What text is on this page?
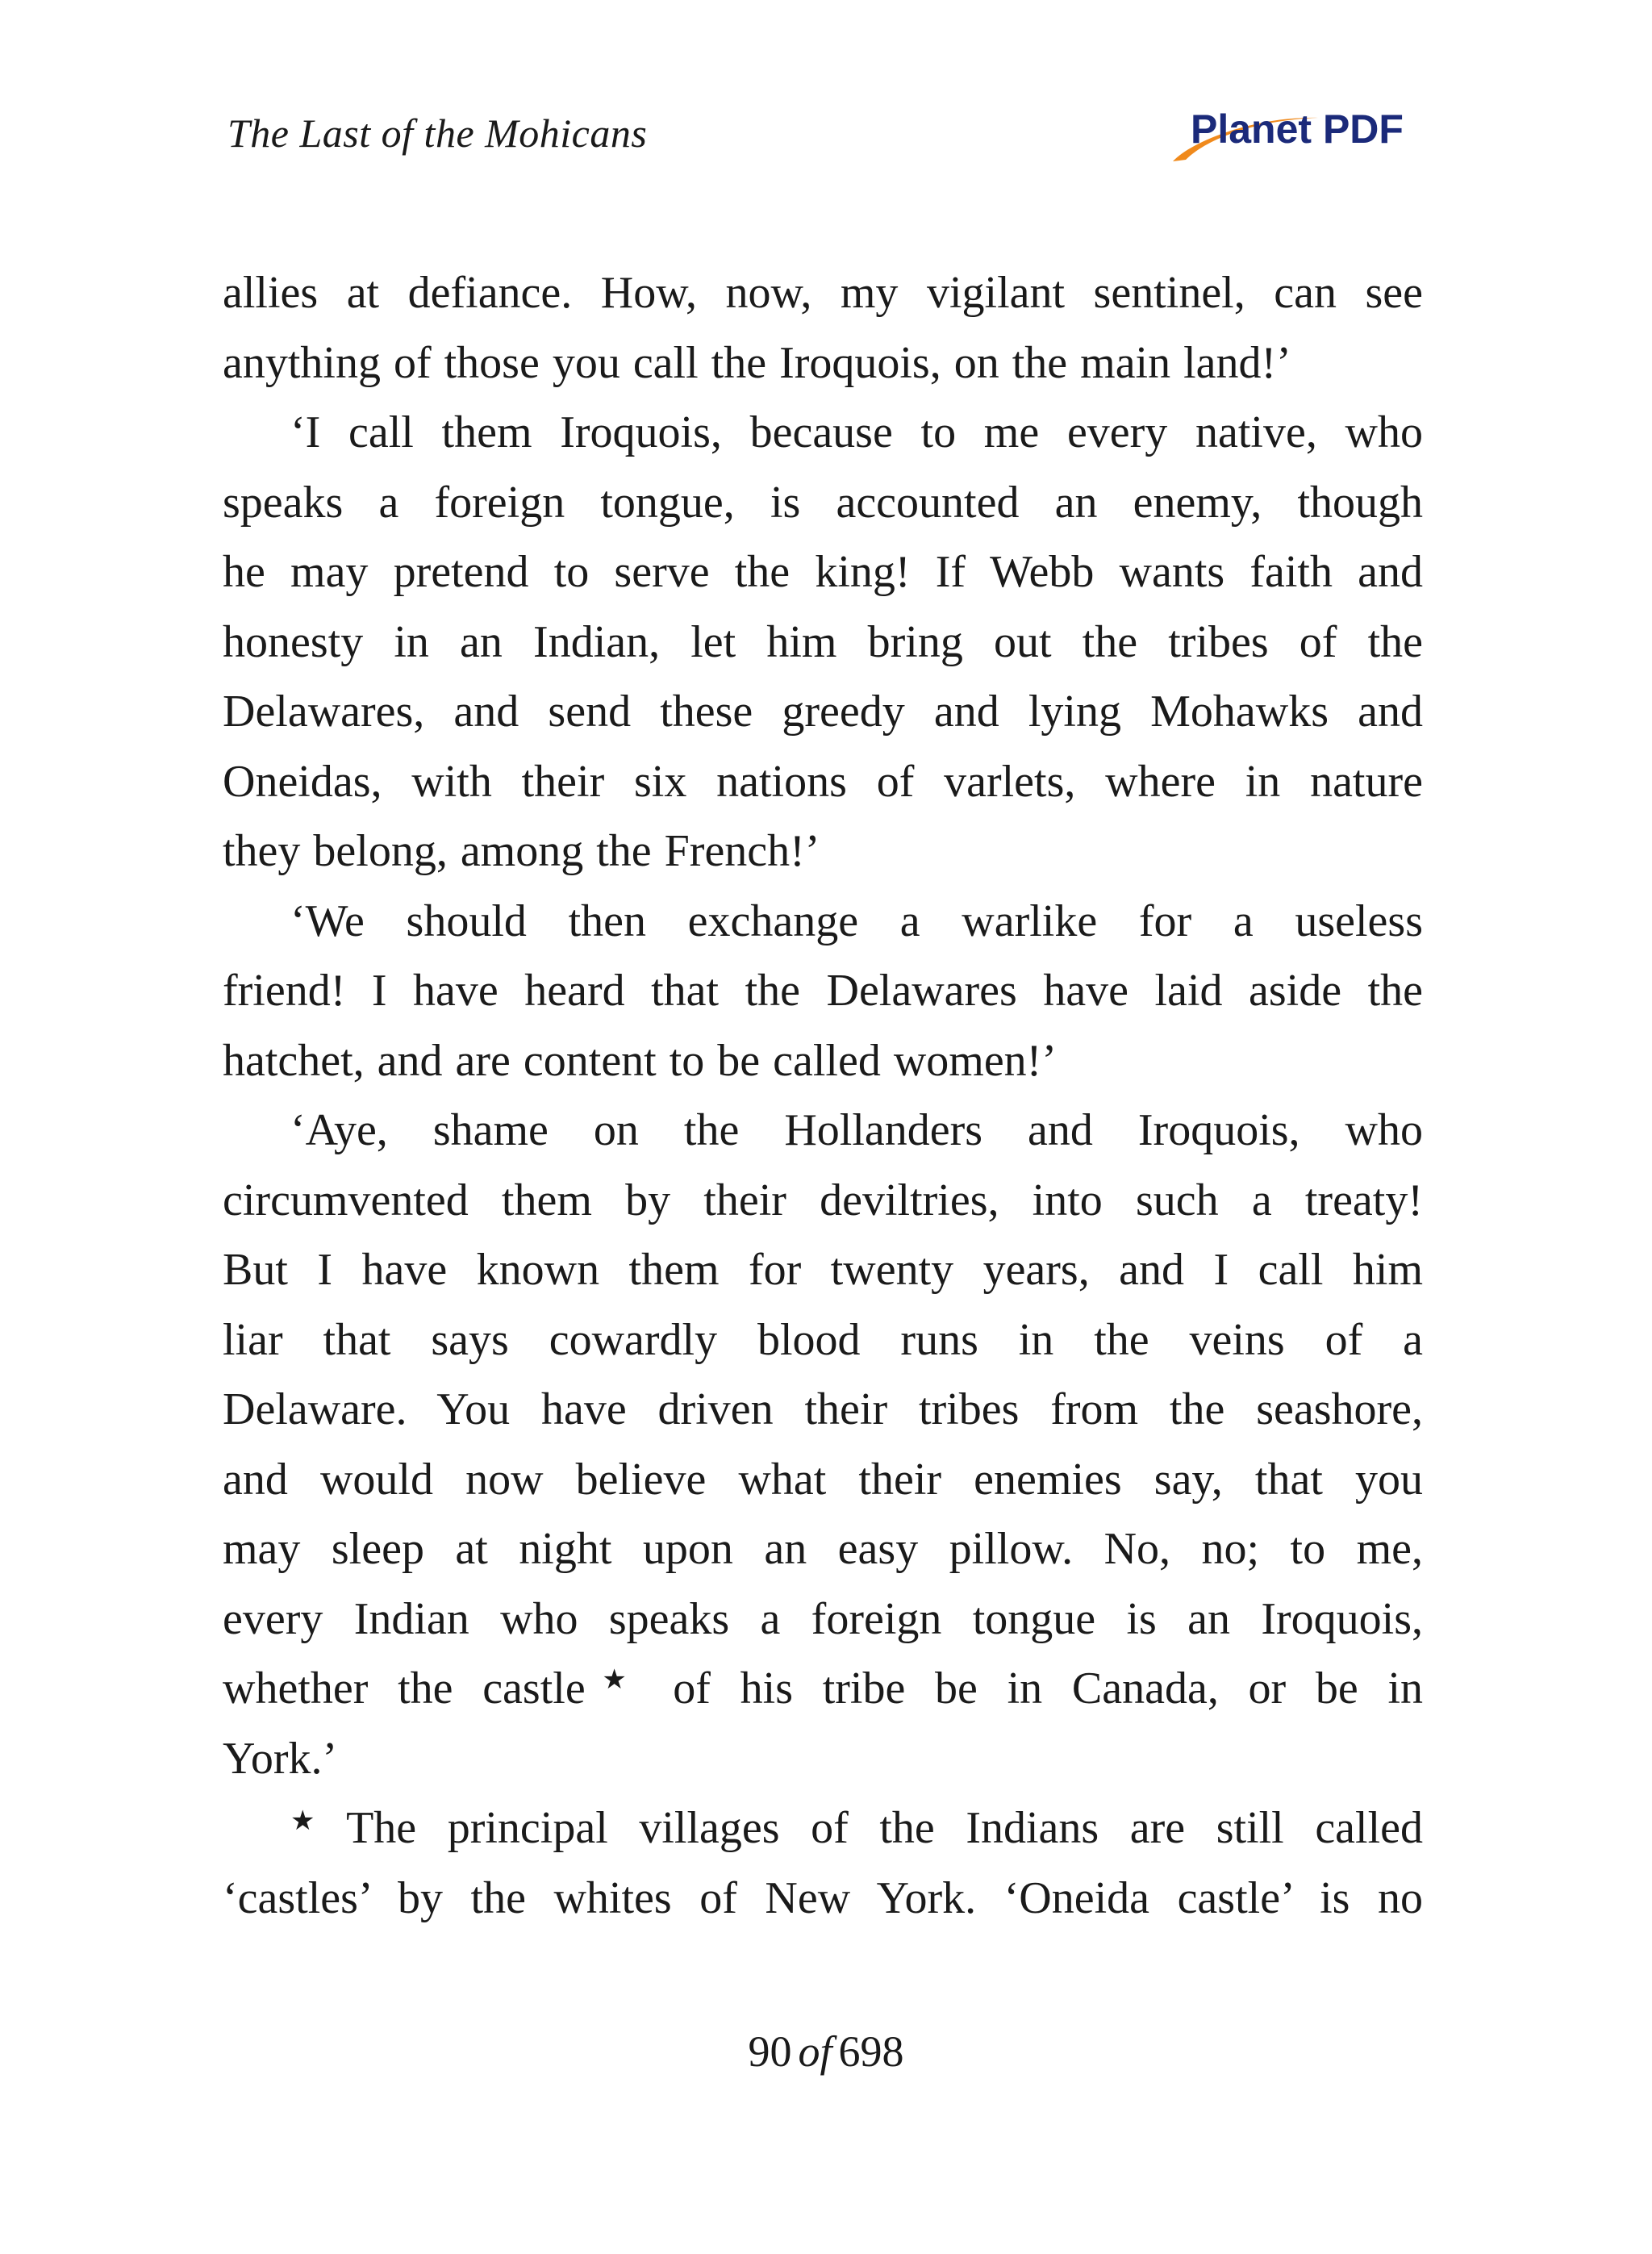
The Last of the Mohicans	Planet PDF

allies at defiance. How, now, my vigilant sentinel, can see

anything of those you call the Iroquois, on the main land!’

‘I call them Iroquois, because to me every native, who

speaks a foreign tongue, is accounted an enemy, though

he may pretend to serve the king! If Webb wants faith and

honesty in an Indian, let him bring out the tribes of the

Delawares, and send these greedy and lying Mohawks and

Oneidas, with their six nations of varlets, where in nature

they belong, among the French!’

‘We should then exchange a warlike for a useless

friend! I have heard that the Delawares have laid aside the

hatchet, and are content to be called women!’

‘Aye, shame on the Hollanders and Iroquois, who

circumvented them by their deviltries, into such a treaty!

But I have known them for twenty years, and I call him

liar that says cowardly blood runs in the veins of a

Delaware. You have driven their tribes from the seashore,

and would now believe what their enemies say, that you

may sleep at night upon an easy pillow. No, no; to me,

every Indian who speaks a foreign tongue is an Iroquois,

whether the castle★ of his tribe be in Canada, or be in

York.’

★ The principal villages of the Indians are still called

‘castles’ by the whites of New York. ‘Oneida castle’ is no

90 of 698
